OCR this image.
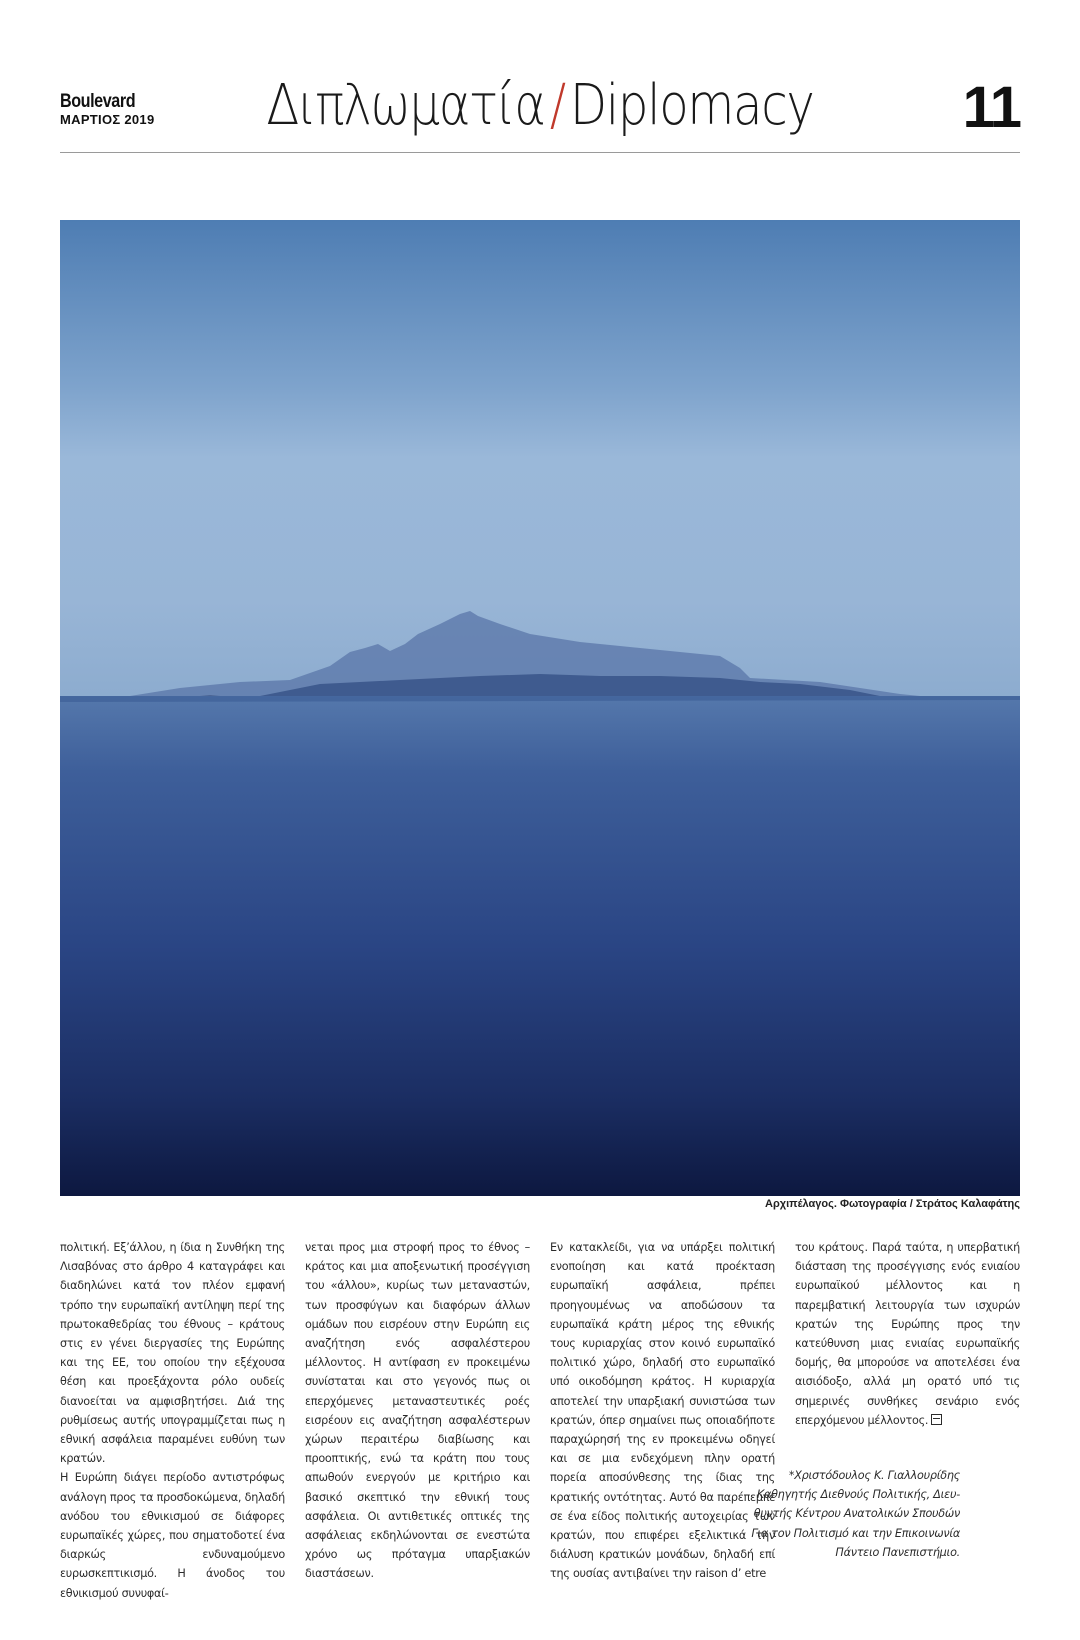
Boulevard
ΜΑΡΤΙΟΣ 2019	Διπλωματία/Diplomacy	11
Αρχιπέλαγος. Φωτογραφία / Στράτος Καλαφάτης

πολιτική. Εξ’άλλου, η ίδια η Συνθήκη της Λισαβόνας στο άρθρο 4 καταγράφει και διαδηλώνει κατά τον πλέον εμφανή τρόπο την ευρωπαϊκή αντίληψη περί της πρωτοκαθεδρίας του έθνους – κράτους στις εν γένει διεργασίες της Ευρώπης και της ΕΕ, του οποίου την εξέχουσα θέση και προεξάχοντα ρόλο ουδείς διανοείται να αμφισβητήσει. Διά της ρυθμίσεως αυτής υπογραμμίζεται πως η εθνική ασφάλεια παραμένει ευθύνη των κρατών.

Η Ευρώπη διάγει περίοδο αντιστρόφως ανάλογη προς τα προσδοκώμενα, δηλαδή ανόδου του εθνικισμού σε διάφορες ευρωπαϊκές χώρες, που σηματοδοτεί ένα διαρκώς ενδυναμούμενο ευρωσκεπτικισμό. Η άνοδος του εθνικισμού συνυφαί-

νεται προς μια στροφή προς το έθνος – κράτος και μια αποξενωτική προσέγγιση του «άλλου», κυρίως των μεταναστών, των προσφύγων και διαφόρων άλλων ομάδων που εισρέουν στην Ευρώπη εις αναζήτηση ενός ασφαλέστερου μέλλοντος. Η αντίφαση εν προκειμένω συνίσταται και στο γεγονός πως οι επερχόμενες μεταναστευτικές ροές εισρέουν εις αναζήτηση ασφαλέστερων χώρων περαιτέρω διαβίωσης και προοπτικής, ενώ τα κράτη που τους απωθούν ενεργούν με κριτήριο και βασικό σκεπτικό την εθνική τους ασφάλεια. Οι αντιθετικές οπτικές της ασφάλειας εκδηλώνονται σε ενεστώτα χρόνο ως πρόταγμα υπαρξιακών διαστάσεων.

Εν κατακλείδι, για να υπάρξει πολιτική ενοποίηση και κατά προέκταση ευρωπαϊκή ασφάλεια, πρέπει προηγουμένως να αποδώσουν τα ευρωπαϊκά κράτη μέρος της εθνικής τους κυριαρχίας στον κοινό ευρωπαϊκό πολιτικό χώρο, δηλαδή στο ευρωπαϊκό υπό οικοδόμηση κράτος. Η κυριαρχία αποτελεί την υπαρξιακή συνιστώσα των κρατών, όπερ σημαίνει πως οποιαδήποτε παραχώρησή της εν προκειμένω οδηγεί και σε μια ενδεχόμενη πλην ορατή πορεία αποσύνθεσης της ίδιας της κρατικής οντότητας. Αυτό θα παρέπεμπε σε ένα είδος πολιτικής αυτοχειρίας των κρατών, που επιφέρει εξελικτικά την διάλυση κρατικών μονάδων, δηλαδή επί της ουσίας αντιβαίνει την raison d’ etre

του κράτους. Παρά ταύτα, η υπερβατική διάσταση της προσέγγισης ενός ενιαίου ευρωπαϊκού μέλλοντος και η παρεμβατική λειτουργία των ισχυρών κρατών της Ευρώπης προς την κατεύθυνση μιας ενιαίας ευρωπαϊκής δομής, θα μπορούσε να αποτελέσει ένα αισιόδοξο, αλλά μη ορατό υπό τις σημερινές συνθήκες σενάριο ενός επερχόμενου μέλλοντος.

*Χριστόδουλος Κ. Γιαλλουρίδης
Καθηγητής Διεθνούς Πολιτικής, Διευ-
θυντής Κέντρου Ανατολικών Σπουδών
Για τον Πολιτισμό και την Επικοινωνία
Πάντειο Πανεπιστήμιο.
